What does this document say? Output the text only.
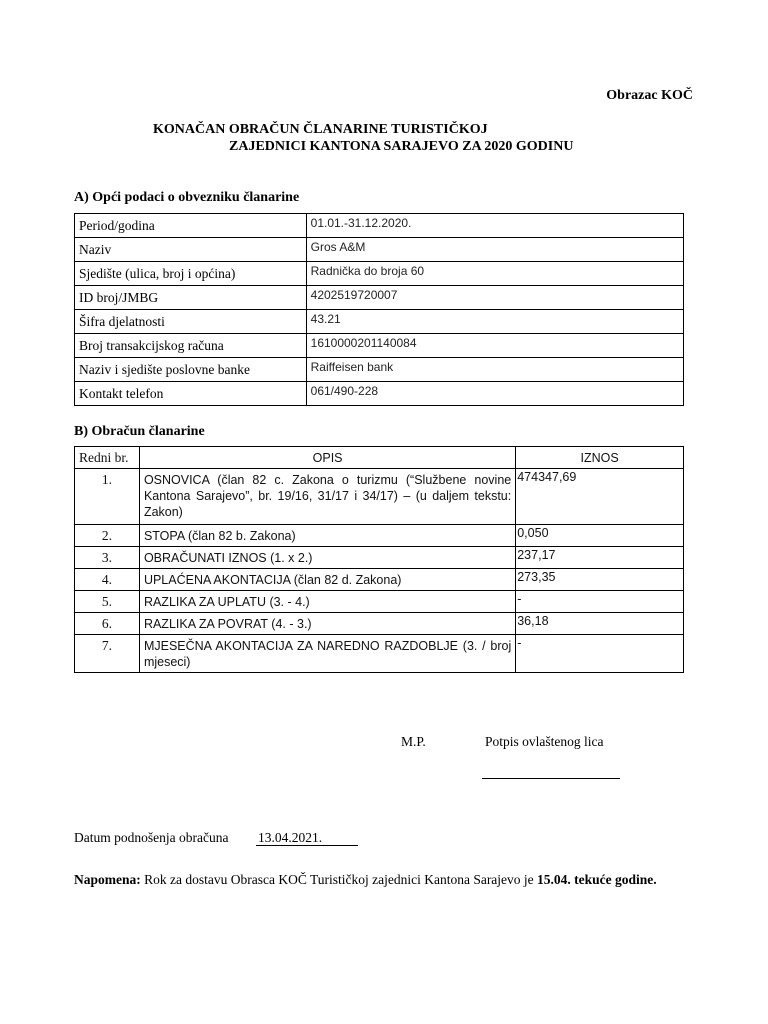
Obrazac KOČ
KONAČAN OBRAČUN ČLANARINE TURISTIČKOJ
ZAJEDNICI KANTONA SARAJEVO ZA 2020 GODINU
A) Opći podaci o obvezniku članarine
Period/godina	01.01.-31.12.2020.
Naziv	Gros A&M
Sjedište (ulica, broj i općina)	Radnička do broja 60
ID broj/JMBG	4202519720007
Šifra djelatnosti	43.21
Broj transakcijskog računa	1610000201140084
Naziv i sjedište poslovne banke	Raiffeisen bank
Kontakt telefon	061/490-228
B) Obračun članarine
Redni br.	OPIS	IZNOS
1.	OSNOVICA (član 82 c. Zakona o turizmu (“Službene novine Kantona Sarajevo”, br. 19/16, 31/17 i 34/17) – (u daljem tekstu: Zakon)	474347,69
2.	STOPA (član 82 b. Zakona)	0,050
3.	OBRAČUNATI IZNOS (1. x 2.)	237,17
4.	UPLAĆENA AKONTACIJA (član 82 d. Zakona)	273,35
5.	RAZLIKA ZA UPLATU (3. - 4.)	-
6.	RAZLIKA ZA POVRAT (4. - 3.)	36,18
7.	MJESEČNA AKONTACIJA ZA NAREDNO RAZDOBLJE (3. / broj mjeseci)	-
M.P.	Potpis ovlaštenog lica
Datum podnošenja obračuna 13.04.2021.
Napomena: Rok za dostavu Obrasca KOČ Turističkoj zajednici Kantona Sarajevo je 15.04. tekuće godine.
